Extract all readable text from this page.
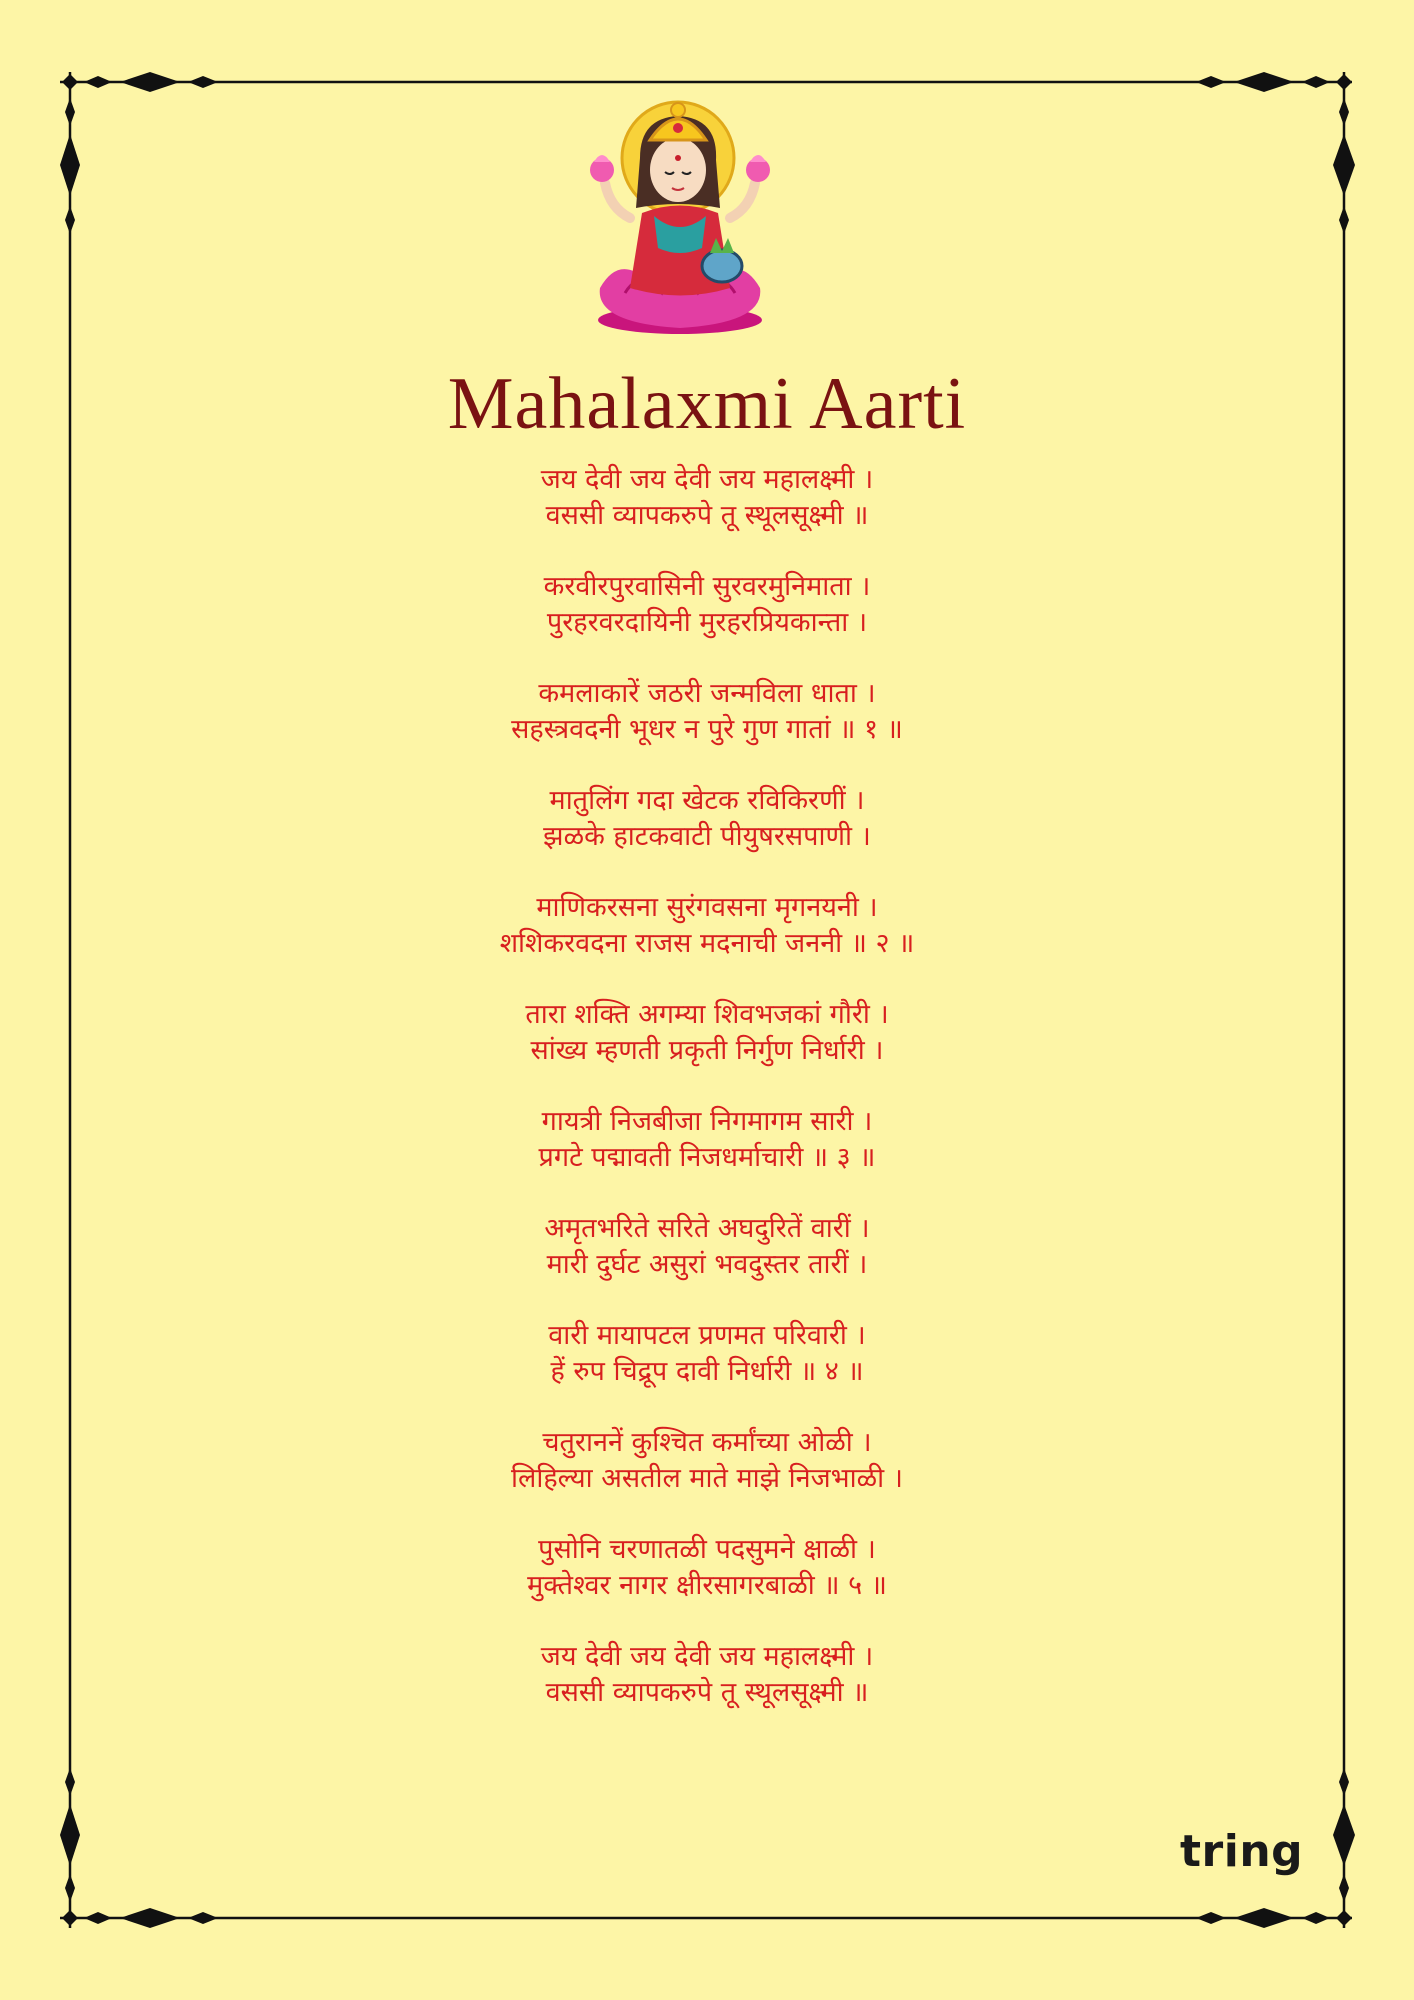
Mahalaxmi Aarti
जय देवी जय देवी जय महालक्ष्मी ।
वससी व्यापकरुपे तू स्थूलसूक्ष्मी ॥
करवीरपुरवासिनी सुरवरमुनिमाता ।
पुरहरवरदायिनी मुरहरप्रियकान्ता ।
कमलाकारें जठरी जन्मविला धाता ।
सहस्त्रवदनी भूधर न पुरे गुण गातां ॥ १ ॥
मातुलिंग गदा खेटक रविकिरणीं ।
झळके हाटकवाटी पीयुषरसपाणी ।
माणिकरसना सुरंगवसना मृगनयनी ।
शशिकरवदना राजस मदनाची जननी ॥ २ ॥
तारा शक्ति अगम्या शिवभजकां गौरी ।
सांख्य म्हणती प्रकृती निर्गुण निर्धारी ।
गायत्री निजबीजा निगमागम सारी ।
प्रगटे पद्मावती निजधर्माचारी ॥ ३ ॥
अमृतभरिते सरिते अघदुरितें वारीं ।
मारी दुर्घट असुरां भवदुस्तर तारीं ।
वारी मायापटल प्रणमत परिवारी ।
हें रुप चिद्रूप दावी निर्धारी ॥ ४ ॥
चतुराननें कुश्चित कर्मांच्या ओळी ।
लिहिल्या असतील माते माझे निजभाळी ।
पुसोनि चरणातळी पदसुमने क्षाळी ।
मुक्तेश्वर नागर क्षीरसागरबाळी ॥ ५ ॥
जय देवी जय देवी जय महालक्ष्मी ।
वससी व्यापकरुपे तू स्थूलसूक्ष्मी ॥
tring
